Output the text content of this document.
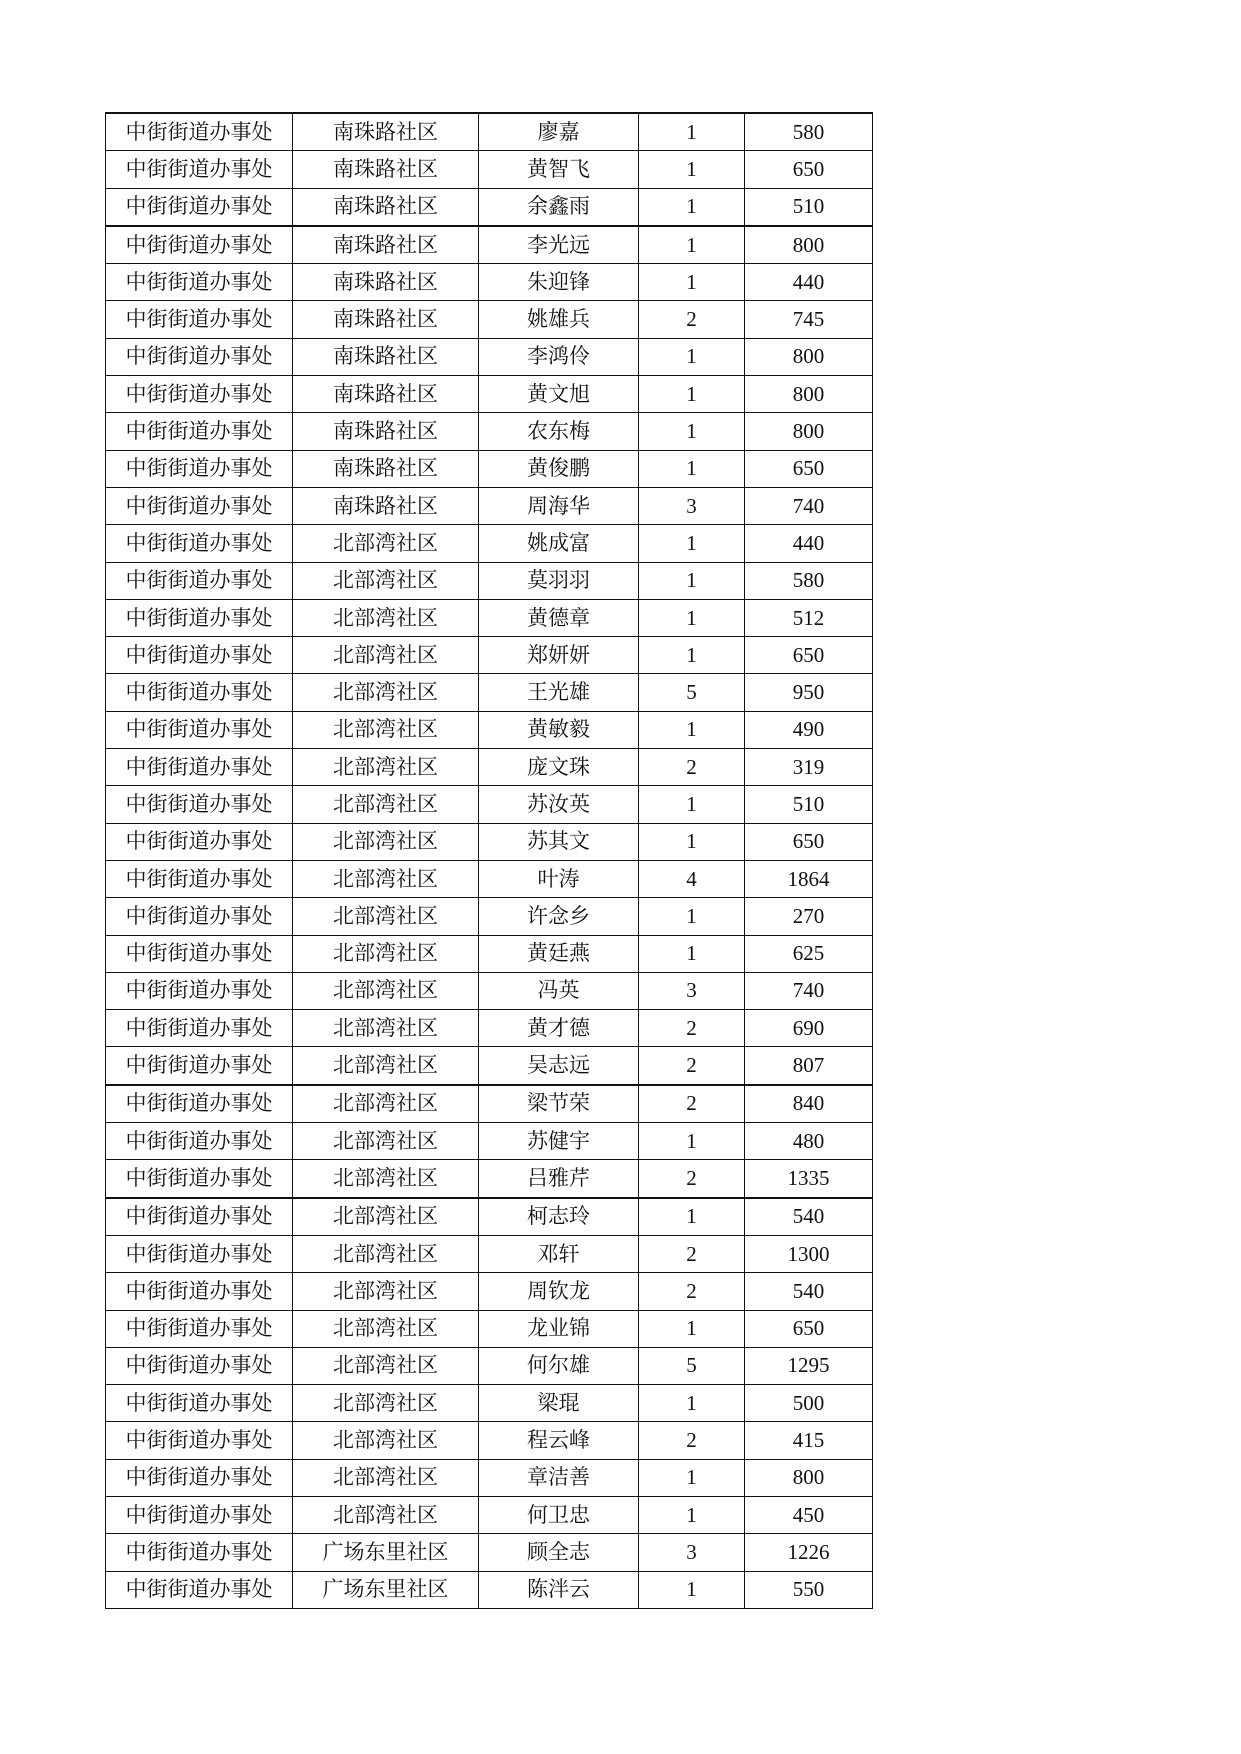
中街街道办事处	南珠路社区	廖嘉	1	580
中街街道办事处	南珠路社区	黄智飞	1	650
中街街道办事处	南珠路社区	余鑫雨	1	510
中街街道办事处	南珠路社区	李光远	1	800
中街街道办事处	南珠路社区	朱迎锋	1	440
中街街道办事处	南珠路社区	姚雄兵	2	745
中街街道办事处	南珠路社区	李鸿伶	1	800
中街街道办事处	南珠路社区	黄文旭	1	800
中街街道办事处	南珠路社区	农东梅	1	800
中街街道办事处	南珠路社区	黄俊鹏	1	650
中街街道办事处	南珠路社区	周海华	3	740
中街街道办事处	北部湾社区	姚成富	1	440
中街街道办事处	北部湾社区	莫羽羽	1	580
中街街道办事处	北部湾社区	黄德章	1	512
中街街道办事处	北部湾社区	郑妍妍	1	650
中街街道办事处	北部湾社区	王光雄	5	950
中街街道办事处	北部湾社区	黄敏毅	1	490
中街街道办事处	北部湾社区	庞文珠	2	319
中街街道办事处	北部湾社区	苏汝英	1	510
中街街道办事处	北部湾社区	苏其文	1	650
中街街道办事处	北部湾社区	叶涛	4	1864
中街街道办事处	北部湾社区	许念乡	1	270
中街街道办事处	北部湾社区	黄廷燕	1	625
中街街道办事处	北部湾社区	冯英	3	740
中街街道办事处	北部湾社区	黄才德	2	690
中街街道办事处	北部湾社区	吴志远	2	807
中街街道办事处	北部湾社区	梁节荣	2	840
中街街道办事处	北部湾社区	苏健宇	1	480
中街街道办事处	北部湾社区	吕雅芹	2	1335
中街街道办事处	北部湾社区	柯志玲	1	540
中街街道办事处	北部湾社区	邓轩	2	1300
中街街道办事处	北部湾社区	周钦龙	2	540
中街街道办事处	北部湾社区	龙业锦	1	650
中街街道办事处	北部湾社区	何尔雄	5	1295
中街街道办事处	北部湾社区	梁琨	1	500
中街街道办事处	北部湾社区	程云峰	2	415
中街街道办事处	北部湾社区	章洁善	1	800
中街街道办事处	北部湾社区	何卫忠	1	450
中街街道办事处	广场东里社区	顾全志	3	1226
中街街道办事处	广场东里社区	陈泮云	1	550
